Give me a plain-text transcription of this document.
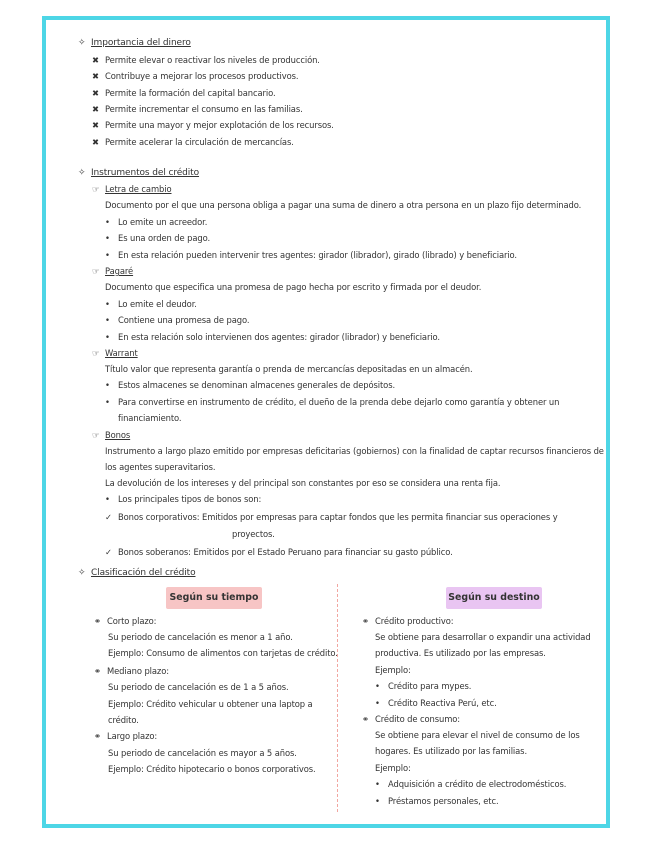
✧ Importancia del dinero
✖ Permite elevar o reactivar los niveles de producción.
✖ Contribuye a mejorar los procesos productivos.
✖ Permite la formación del capital bancario.
✖ Permite incrementar el consumo en las familias.
✖ Permite una mayor y mejor explotación de los recursos.
✖ Permite acelerar la circulación de mercancías.
✧ Instrumentos del crédito
☞ Letra de cambio
Documento por el que una persona obliga a pagar una suma de dinero a otra persona en un plazo fijo determinado.
• Lo emite un acreedor.
• Es una orden de pago.
• En esta relación pueden intervenir tres agentes: girador (librador), girado (librado) y beneficiario.
☞ Pagaré
Documento que especifica una promesa de pago hecha por escrito y firmada por el deudor.
• Lo emite el deudor.
• Contiene una promesa de pago.
• En esta relación solo intervienen dos agentes: girador (librador) y beneficiario.
☞ Warrant
Título valor que representa garantía o prenda de mercancías depositadas en un almacén.
• Estos almacenes se denominan almacenes generales de depósitos.
• Para convertirse en instrumento de crédito, el dueño de la prenda debe dejarlo como garantía y obtener un
financiamiento.
☞ Bonos
Instrumento a largo plazo emitido por empresas deficitarias (gobiernos) con la finalidad de captar recursos financieros de
los agentes superavitarios.
La devolución de los intereses y del principal son constantes por eso se considera una renta fija.
• Los principales tipos de bonos son:
✓ Bonos corporativos: Emitidos por empresas para captar fondos que les permita financiar sus operaciones y
proyectos.
✓ Bonos soberanos: Emitidos por el Estado Peruano para financiar su gasto público.
✧ Clasificación del crédito
Según su tiempo	Según su destino
⚭ Corto plazo:
Su periodo de cancelación es menor a 1 año.
Ejemplo: Consumo de alimentos con tarjetas de crédito.
⚭ Mediano plazo:
Su periodo de cancelación es de 1 a 5 años.
Ejemplo: Crédito vehicular u obtener una laptop a
crédito.
⚭ Largo plazo:
Su periodo de cancelación es mayor a 5 años.
Ejemplo: Crédito hipotecario o bonos corporativos.
⚭ Crédito productivo:
Se obtiene para desarrollar o expandir una actividad
productiva. Es utilizado por las empresas.
Ejemplo:
• Crédito para mypes.
• Crédito Reactiva Perú, etc.
⚭ Crédito de consumo:
Se obtiene para elevar el nivel de consumo de los
hogares. Es utilizado por las familias.
Ejemplo:
• Adquisición a crédito de electrodomésticos.
• Préstamos personales, etc.
